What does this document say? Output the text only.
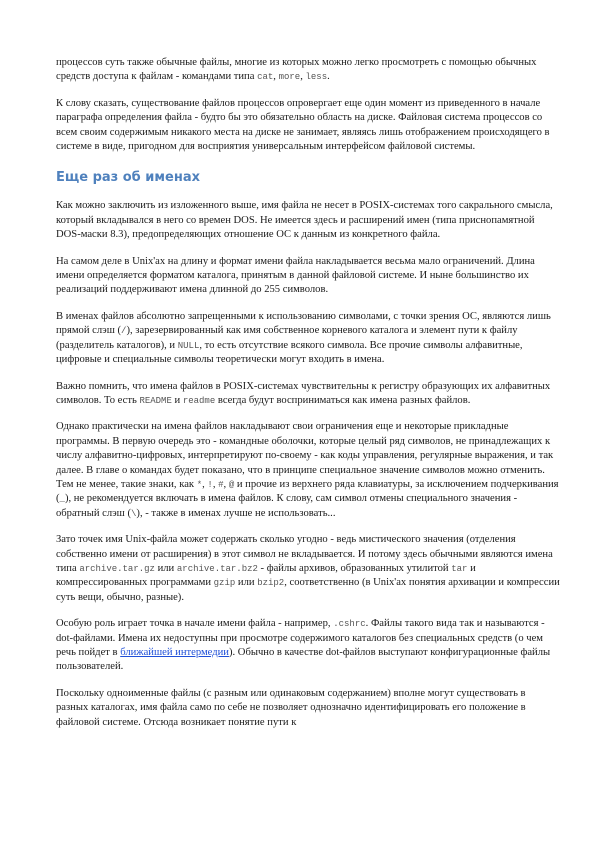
процессов суть также обычные файлы, многие из которых можно легко просмотреть с помощью обычных средств доступа к файлам - командами типа cat, more, less.

К слову сказать, существование файлов процессов опровергает еще один момент из приведенного в начале параграфа определения файла - будто бы это обязательно область на диске. Файловая система процессов со всем своим содержимым никакого места на диске не занимает, являясь лишь отображением происходящего в системе в виде, пригодном для восприятия универсальным интерфейсом файловой системы.

Еще раз об именах

Как можно заключить из изложенного выше, имя файла не несет в POSIX-системах того сакрального смысла, который вкладывался в него со времен DOS. Не имеется здесь и расширений имен (типа приснопамятной DOS-маски 8.3), предопределяющих отношение ОС к данным из конкретного файла.

На самом деле в Unix'ах на длину и формат имени файла накладывается весьма мало ограничений. Длина имени определяется форматом каталога, принятым в данной файловой системе. И ныне большинство их реализаций поддерживают имена длинной до 255 символов.

В именах файлов абсолютно запрещенными к использованию символами, с точки зрения ОС, являются лишь прямой слэш (/), зарезервированный как имя собственное корневого каталога и элемент пути к файлу (разделитель каталогов), и NULL, то есть отсутствие всякого символа. Все прочие символы алфавитные, цифровые и специальные символы теоретически могут входить в имена.

Важно помнить, что имена файлов в POSIX-системах чувствительны к регистру образующих их алфавитных символов. То есть README и readme всегда будут восприниматься как имена разных файлов.

Однако практически на имена файлов накладывают свои ограничения еще и некоторые прикладные программы. В первую очередь это - командные оболочки, которые целый ряд символов, не принадлежащих к числу алфавитно-цифровых, интерпретируют по-своему - как коды управления, регулярные выражения, и так далее. В главе о командах будет показано, что в принципе специальное значение символов можно отменить. Тем не менее, такие знаки, как *, !, #, @ и прочие из верхнего ряда клавиатуры, за исключением подчеркивания (_), не рекомендуется включать в имена файлов. К слову, сам символ отмены специального значения - обратный слэш (\), - также в именах лучше не использовать...

Зато точек имя Unix-файла может содержать сколько угодно - ведь мистического значения (отделения собственно имени от расширения) в этот символ не вкладывается. И потому здесь обычными являются имена типа archive.tar.gz или archive.tar.bz2 - файлы архивов, образованных утилитой tar и компрессированных программами gzip или bzip2, соответственно (в Unix'ах понятия архивации и компрессии суть вещи, обычно, разные).

Особую роль играет точка в начале имени файла - например, .cshrc. Файлы такого вида так и называются - dot-файлами. Имена их недоступны при просмотре содержимого каталогов без специальных средств (о чем речь пойдет в ближайшей интермедии). Обычно в качестве dot-файлов выступают конфигурационные файлы пользователей.

Поскольку одноименные файлы (с разным или одинаковым содержанием) вполне могут существовать в разных каталогах, имя файла само по себе не позволяет однозначно идентифицировать его положение в файловой системе. Отсюда возникает понятие пути к
